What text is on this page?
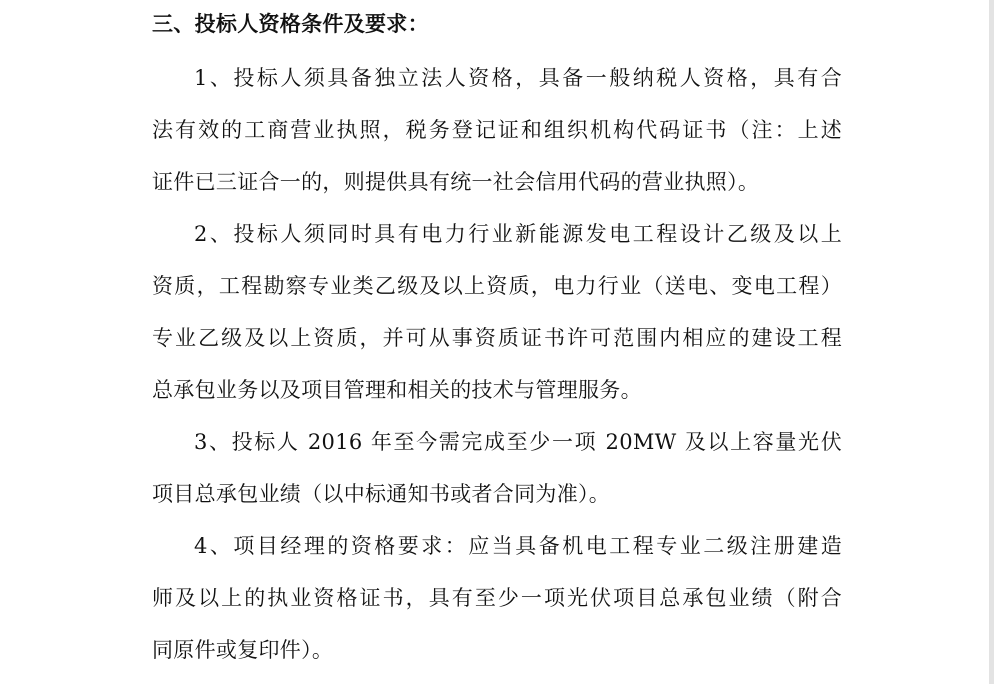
三、投标人资格条件及要求：
1、投标人须具备独立法人资格，具备一般纳税人资格，具有合
法有效的工商营业执照，税务登记证和组织机构代码证书（注：上述
证件已三证合一的，则提供具有统一社会信用代码的营业执照）。
2、投标人须同时具有电力行业新能源发电工程设计乙级及以上
资质，工程勘察专业类乙级及以上资质，电力行业（送电、变电工程）
专业乙级及以上资质，并可从事资质证书许可范围内相应的建设工程
总承包业务以及项目管理和相关的技术与管理服务。
3、投标人 2016 年至今需完成至少一项 20MW 及以上容量光伏
项目总承包业绩（以中标通知书或者合同为准）。
4、项目经理的资格要求：应当具备机电工程专业二级注册建造
师及以上的执业资格证书，具有至少一项光伏项目总承包业绩（附合
同原件或复印件）。
